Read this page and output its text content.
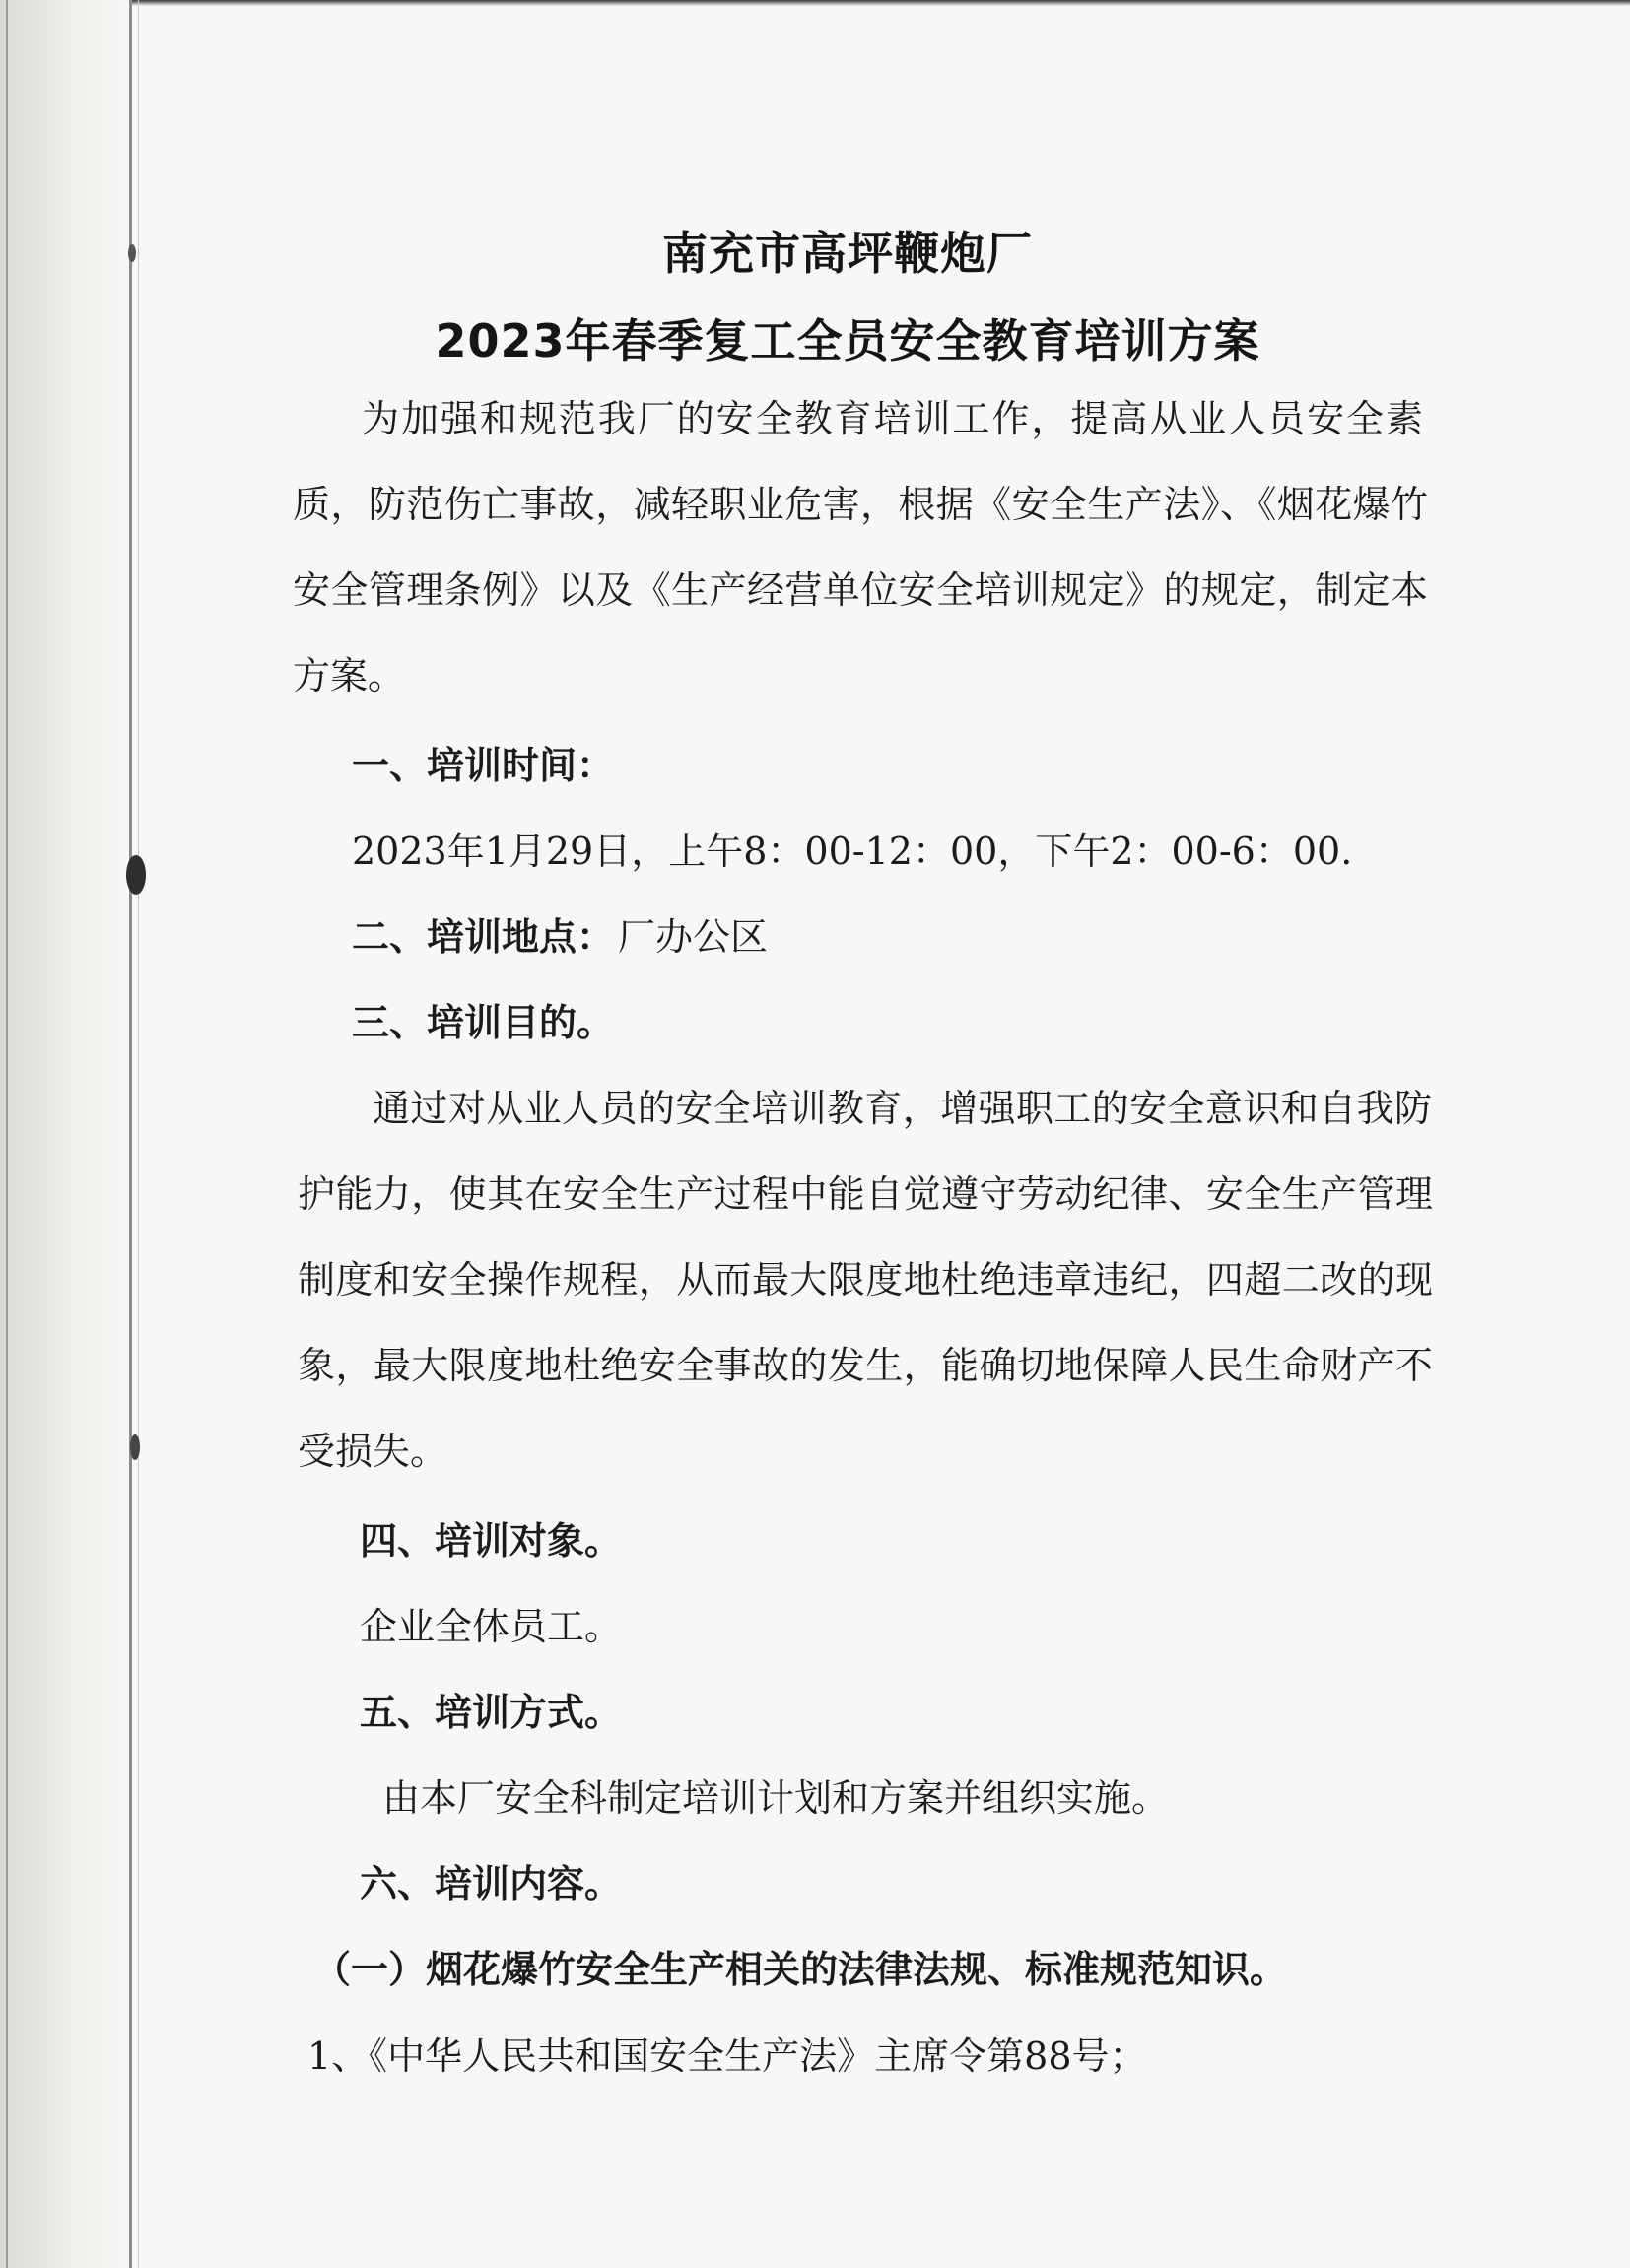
南充市高坪鞭炮厂
2023年春季复工全员安全教育培训方案
为加强和规范我厂的安全教育培训工作，提高从业人员安全素
质，防范伤亡事故，减轻职业危害，根据《安全生产法》、《烟花爆竹
安全管理条例》以及《生产经营单位安全培训规定》的规定，制定本
方案。
一、培训时间：
2023年1月29日，上午8：00-12：00，下午2：00-6：00.
二、培训地点： 厂办公区
三、培训目的。
通过对从业人员的安全培训教育，增强职工的安全意识和自我防
护能力，使其在安全生产过程中能自觉遵守劳动纪律、安全生产管理
制度和安全操作规程，从而最大限度地杜绝违章违纪，四超二改的现
象，最大限度地杜绝安全事故的发生，能确切地保障人民生命财产不
受损失。
四、培训对象。
企业全体员工。
五、培训方式。
由本厂安全科制定培训计划和方案并组织实施。
六、培训内容。
（一）烟花爆竹安全生产相关的法律法规、标准规范知识。
1、《中华人民共和国安全生产法》主席令第88号；
